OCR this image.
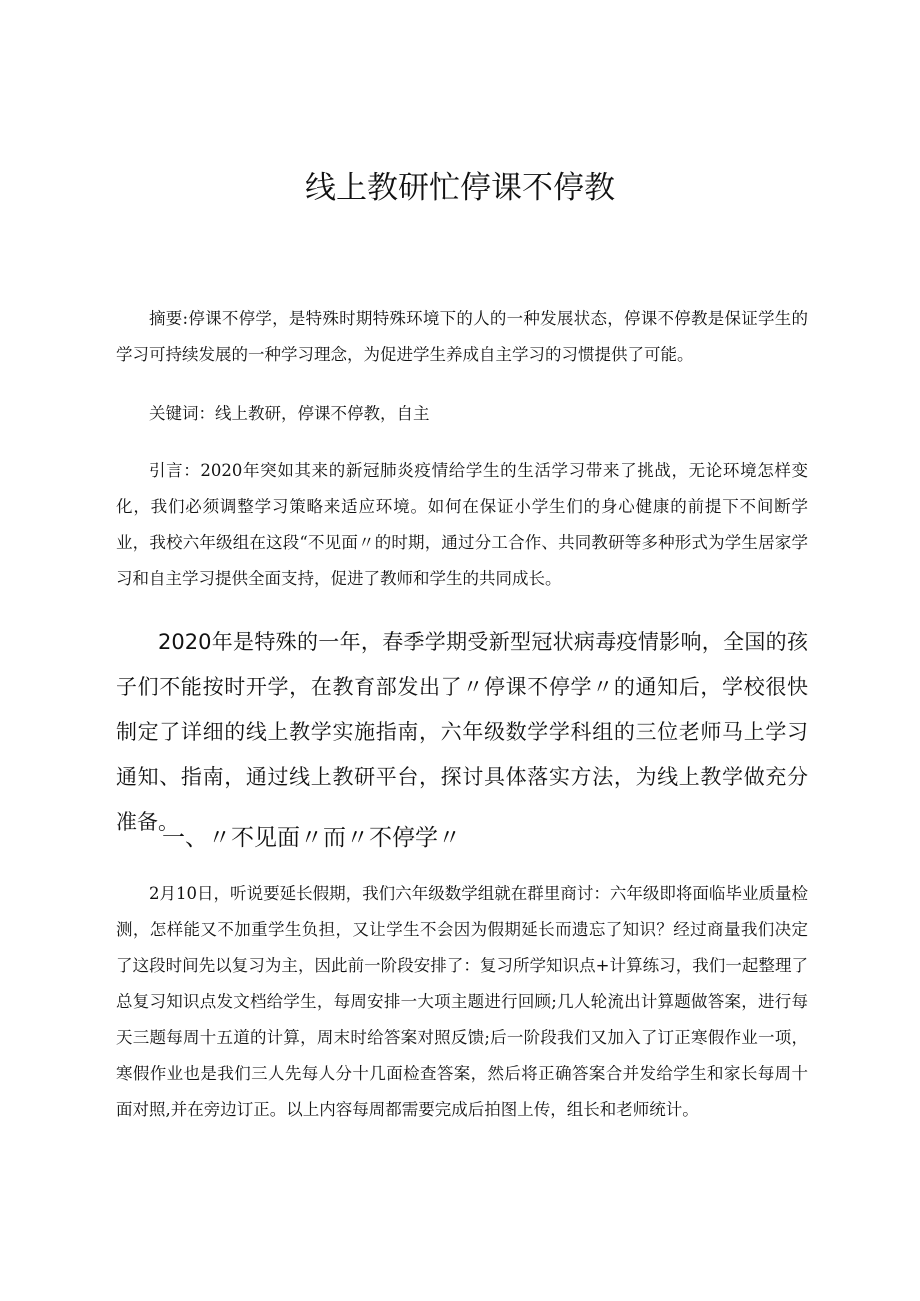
线上教研忙停课不停教

摘要:停课不停学，是特殊时期特殊环境下的人的一种发展状态，停课不停教是保证学生的学习可持续发展的一种学习理念，为促进学生养成自主学习的习惯提供了可能。

关键词：线上教研，停课不停教，自主

引言：2020年突如其来的新冠肺炎疫情给学生的生活学习带来了挑战，无论环境怎样变化，我们必须调整学习策略来适应环境。如何在保证小学生们的身心健康的前提下不间断学业，我校六年级组在这段“不见面〃的时期，通过分工合作、共同教研等多种形式为学生居家学习和自主学习提供全面支持，促进了教师和学生的共同成长。

2020年是特殊的一年，春季学期受新型冠状病毒疫情影响，全国的孩子们不能按时开学，在教育部发出了〃停课不停学〃的通知后，学校很快制定了详细的线上教学实施指南，六年级数学学科组的三位老师马上学习通知、指南，通过线上教研平台，探讨具体落实方法，为线上教学做充分准备。

一、〃不见面〃而〃不停学〃

2月10日，听说要延长假期，我们六年级数学组就在群里商讨：六年级即将面临毕业质量检测，怎样能又不加重学生负担，又让学生不会因为假期延长而遗忘了知识？经过商量我们决定了这段时间先以复习为主，因此前一阶段安排了：复习所学知识点+计算练习，我们一起整理了总复习知识点发文档给学生，每周安排一大项主题进行回顾;几人轮流出计算题做答案，进行每天三题每周十五道的计算，周末时给答案对照反馈;后一阶段我们又加入了订正寒假作业一项，寒假作业也是我们三人先每人分十几面检查答案，然后将正确答案合并发给学生和家长每周十面对照,并在旁边订正。以上内容每周都需要完成后拍图上传，组长和老师统计。
